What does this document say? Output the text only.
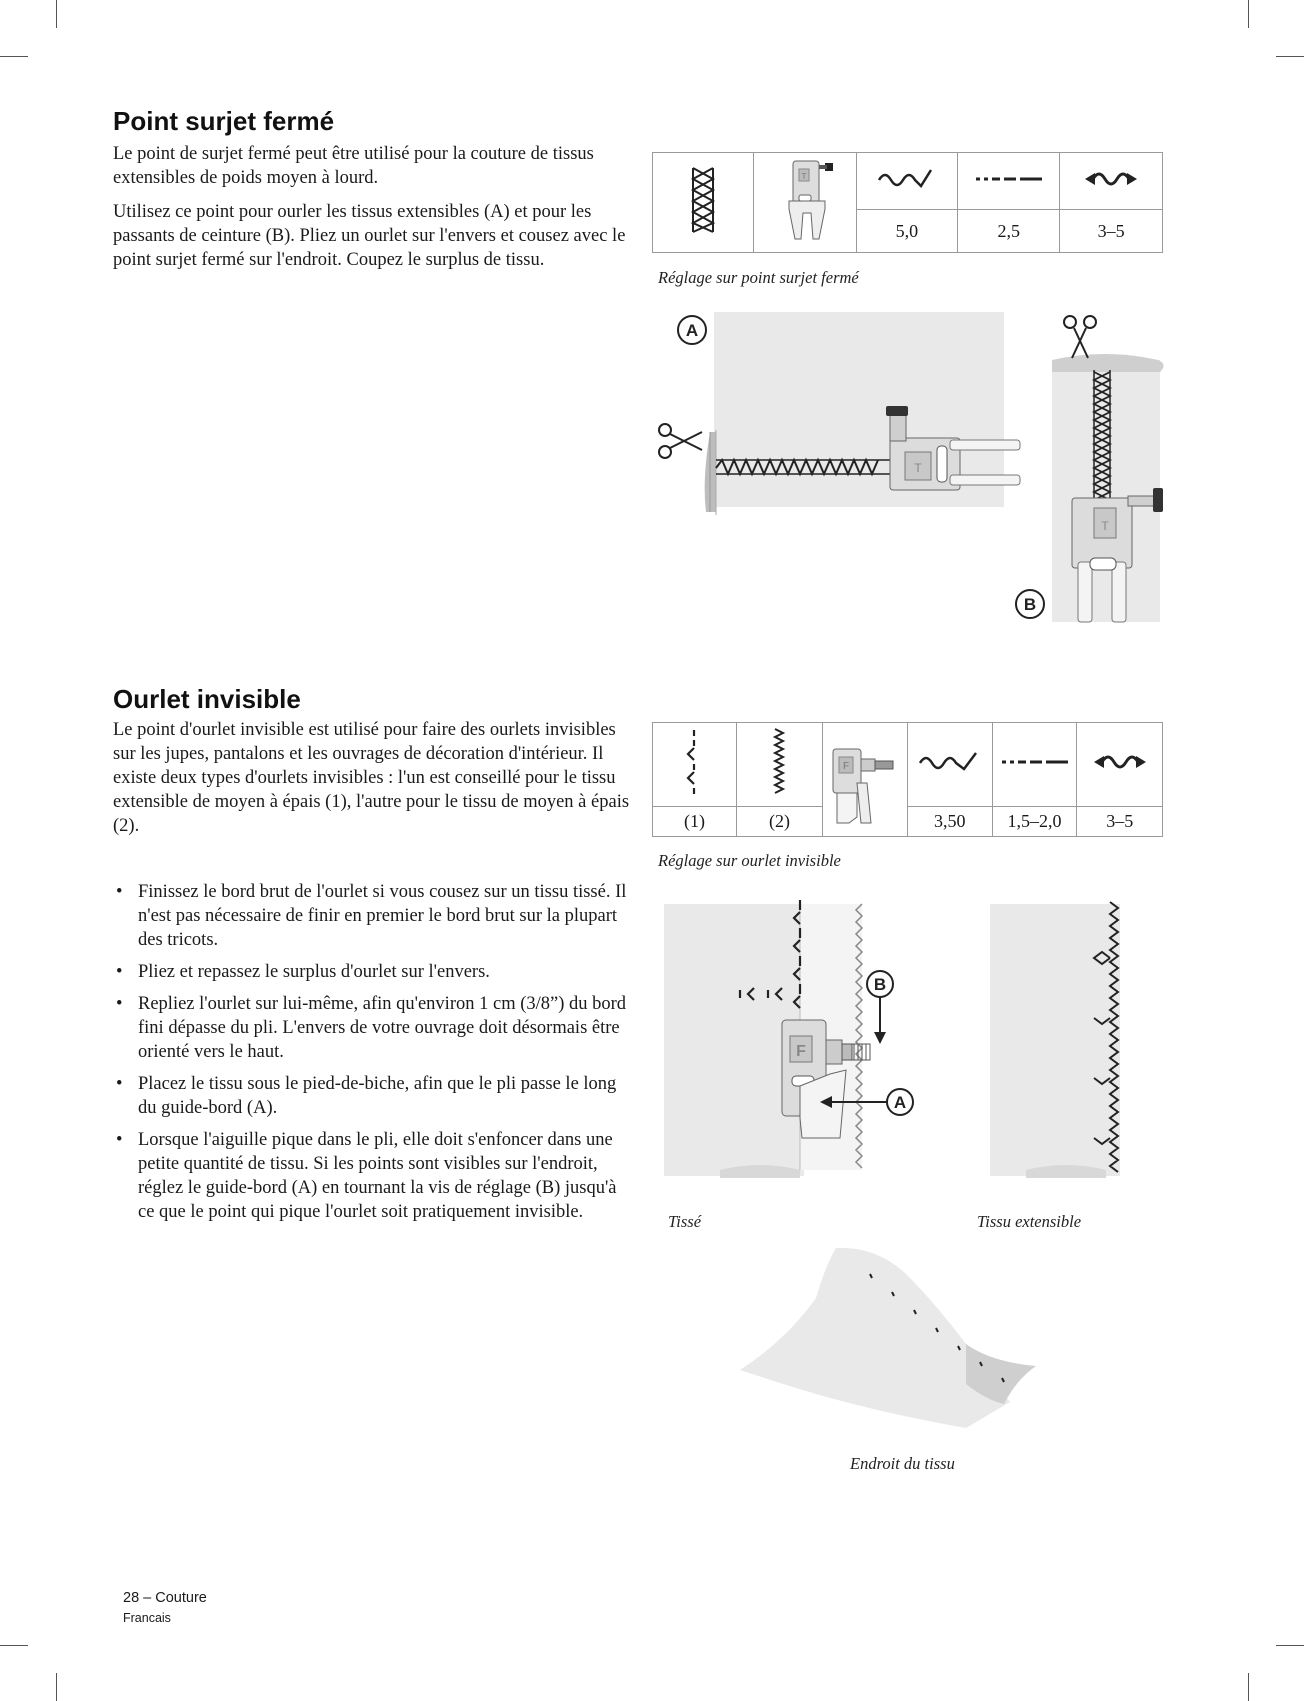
Point surjet fermé

Le point de surjet fermé peut être utilisé pour la couture de tissus extensibles de poids moyen à lourd.

Utilisez ce point pour ourler les tissus extensibles (A) et pour les passants de ceinture (B). Pliez un ourlet sur l'envers et cousez avec le point surjet fermé sur l'endroit. Coupez le surplus de tissu.

T

		5,0	2,5	3–5
Réglage sur point surjet fermé
T
A
T
B
Ourlet invisible

Le point d'ourlet invisible est utilisé pour faire des ourlets invisibles sur les jupes, pantalons et les ouvrages de décoration d'intérieur. Il existe deux types d'ourlets invisibles : l'un est conseillé pour le tissu extensible de moyen à épais (1), l'autre pour le tissu de moyen à épais (2).

F

(1)	(2)		3,50	1,5–2,0	3–5
Réglage sur ourlet invisible
• Finissez le bord brut de l'ourlet si vous cousez sur un tissu tissé. Il n'est pas nécessaire de finir en premier le bord brut sur la plupart des tricots.
• Pliez et repassez le surplus d'ourlet sur l'envers.
• Repliez l'ourlet sur lui-même, afin qu'environ 1 cm (3/8”) du bord fini dépasse du pli. L'envers de votre ouvrage doit désormais être orienté vers le haut.
• Placez le tissu sous le pied-de-biche, afin que le pli passe le long du guide-bord (A).
• Lorsque l'aiguille pique dans le pli, elle doit s'enfoncer dans une petite quantité de tissu. Si les points sont visibles sur l'endroit, réglez le guide-bord (A) en tournant la vis de réglage (B) jusqu'à ce que le point qui pique l'ourlet soit pratiquement invisible.
F
B
A
Tissé	Tissu extensible
Endroit du tissu
28 – Couture
Francais
